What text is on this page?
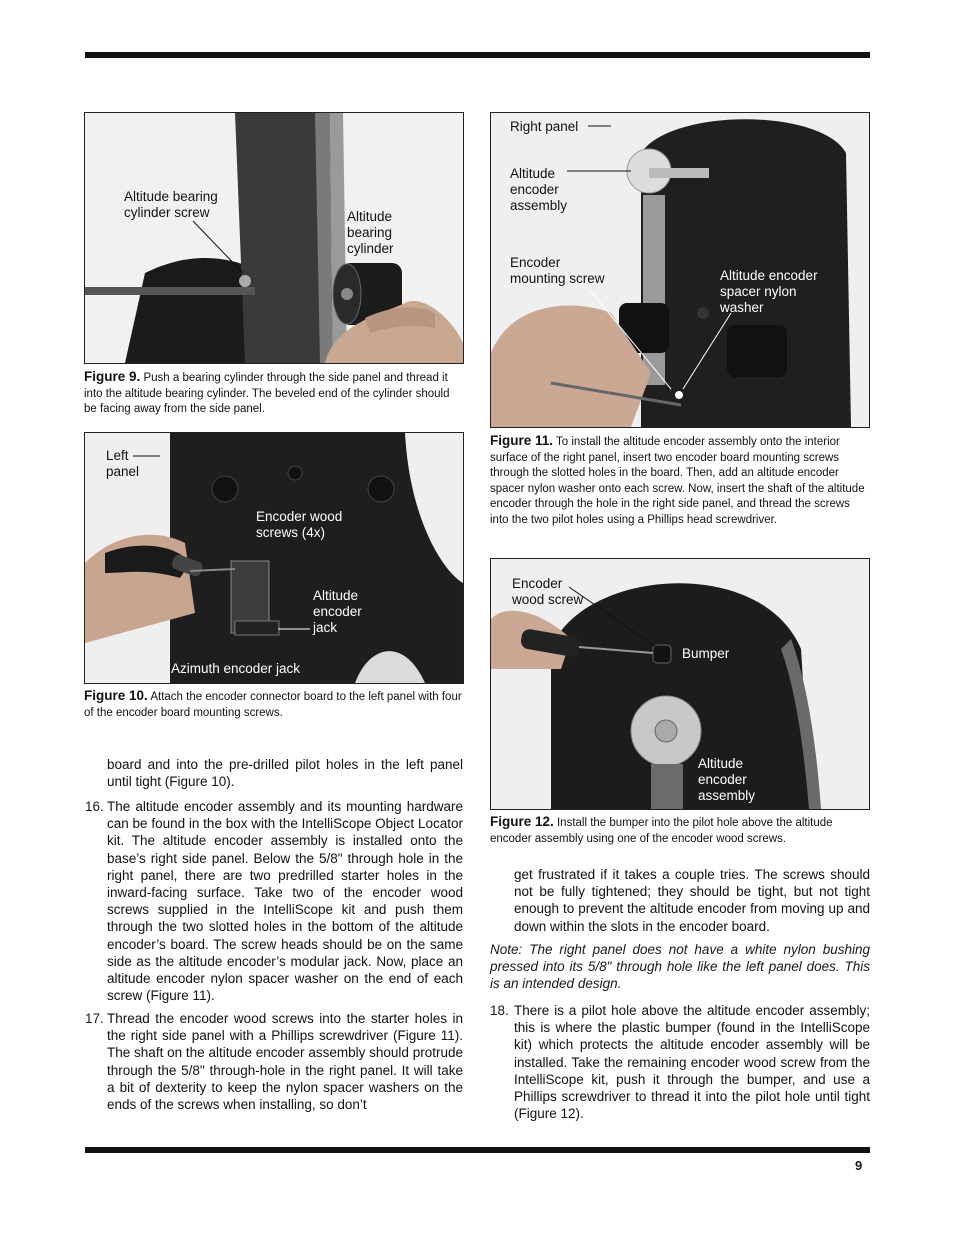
Altitude bearing
cylinder screw	Altitude
bearing
cylinder
Figure 9. Push a bearing cylinder through the side panel and thread it into the altitude bearing cylinder. The beveled end of the cylinder should be facing away from the side panel.
Left
panel
Encoder wood
screws (4x)
Altitude
encoder
jack
Azimuth encoder jack
Figure 10. Attach the encoder connector board to the left panel with four of the encoder board mounting screws.
Right panel
Altitude
encoder
assembly
Encoder
mounting screw	Altitude encoder
spacer nylon
washer
Figure 11. To install the altitude encoder assembly onto the interior surface of the right panel, insert two encoder board mounting screws through the slotted holes in the board. Then, add an altitude encoder spacer nylon washer onto each screw. Now, insert the shaft of the altitude encoder through the hole in the right side panel, and thread the screws into the two pilot holes using a Phillips head screwdriver.
Encoder
wood screw
Bumper
Altitude
encoder
assembly
Figure 12. Install the bumper into the pilot hole above the altitude encoder assembly using one of the encoder wood screws.
board and into the pre-drilled pilot holes in the left panel until tight (Figure 10).
16. The altitude encoder assembly and its mounting hardware can be found in the box with the IntelliScope Object Locator kit. The altitude encoder assembly is installed onto the base’s right side panel. Below the 5/8" through hole in the right panel, there are two predrilled starter holes in the inward-facing surface. Take two of the encoder wood screws supplied in the IntelliScope kit and push them through the two slotted holes in the bottom of the altitude encoder’s board. The screw heads should be on the same side as the altitude encoder’s modular jack. Now, place an altitude encoder nylon spacer washer on the end of each screw (Figure 11).
17. Thread the encoder wood screws into the starter holes in the right side panel with a Phillips screwdriver (Figure 11). The shaft on the altitude encoder assembly should protrude through the 5/8" through-hole in the right panel. It will take a bit of dexterity to keep the nylon spacer washers on the ends of the screws when installing, so don’t
get frustrated if it takes a couple tries. The screws should not be fully tightened; they should be tight, but not tight enough to prevent the altitude encoder from moving up and down within the slots in the encoder board.
Note: The right panel does not have a white nylon bushing pressed into its 5/8" through hole like the left panel does. This is an intended design.
18. There is a pilot hole above the altitude encoder assembly; this is where the plastic bumper (found in the IntelliScope kit) which protects the altitude encoder assembly will be installed. Take the remaining encoder wood screw from the IntelliScope kit, push it through the bumper, and use a Phillips screwdriver to thread it into the pilot hole until tight (Figure 12).
9
